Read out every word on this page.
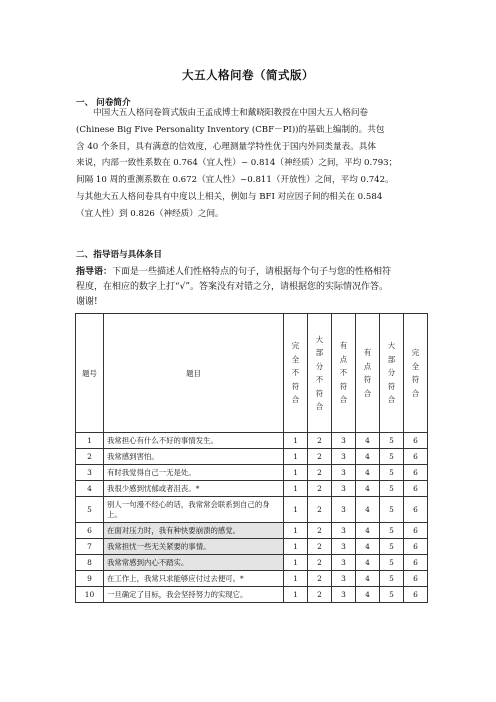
大五人格问卷（简式版）
一、 问卷简介
中国大五人格问卷简式版由王孟成博士和戴晓阳教授在中国大五人格问卷
(Chinese Big Five Personality Inventory (CBF－PI))的基础上编制的。共包
含 40 个条目，具有满意的信效度，心理测量学特性优于国内外同类量表。具体
来说，内部一致性系数在 0.764（宜人性）~ 0.814（神经质）之间，平均 0.793；
间隔 10 周的重测系数在 0.672（宜人性）~0.811（开放性）之间，平均 0.742。
与其他大五人格问卷具有中度以上相关，例如与 BFI 对应因子间的相关在 0.584
（宜人性）到 0.826（神经质）之间。
二、指导语与具体条目
指导语：下面是一些描述人们性格特点的句子，请根据每个句子与您的性格相符
程度，在相应的数字上打“√”。答案没有对错之分，请根据您的实际情况作答。
谢谢!
题号	题目	完全不符合	大部分不符合	有点不符合	有点符合	大部分符合	完全符合
1	我常担心有什么不好的事情发生。	1	2	3	4	5	6
2	我常感到害怕。	1	2	3	4	5	6
3	有时我觉得自己一无是处。	1	2	3	4	5	6
4	我很少感到忧郁或者沮丧。*	1	2	3	4	5	6
5	别人一句漫不经心的话，我常常会联系到自己的身上。	1	2	3	4	5	6
6	在面对压力时，我有种快要崩溃的感觉。	1	2	3	4	5	6
7	我常担忧一些无关紧要的事情。	1	2	3	4	5	6
8	我常常感到内心不踏实。	1	2	3	4	5	6
9	在工作上，我常只求能够应付过去便可。*	1	2	3	4	5	6
10	一旦确定了目标，我会坚持努力的实现它。	1	2	3	4	5	6
